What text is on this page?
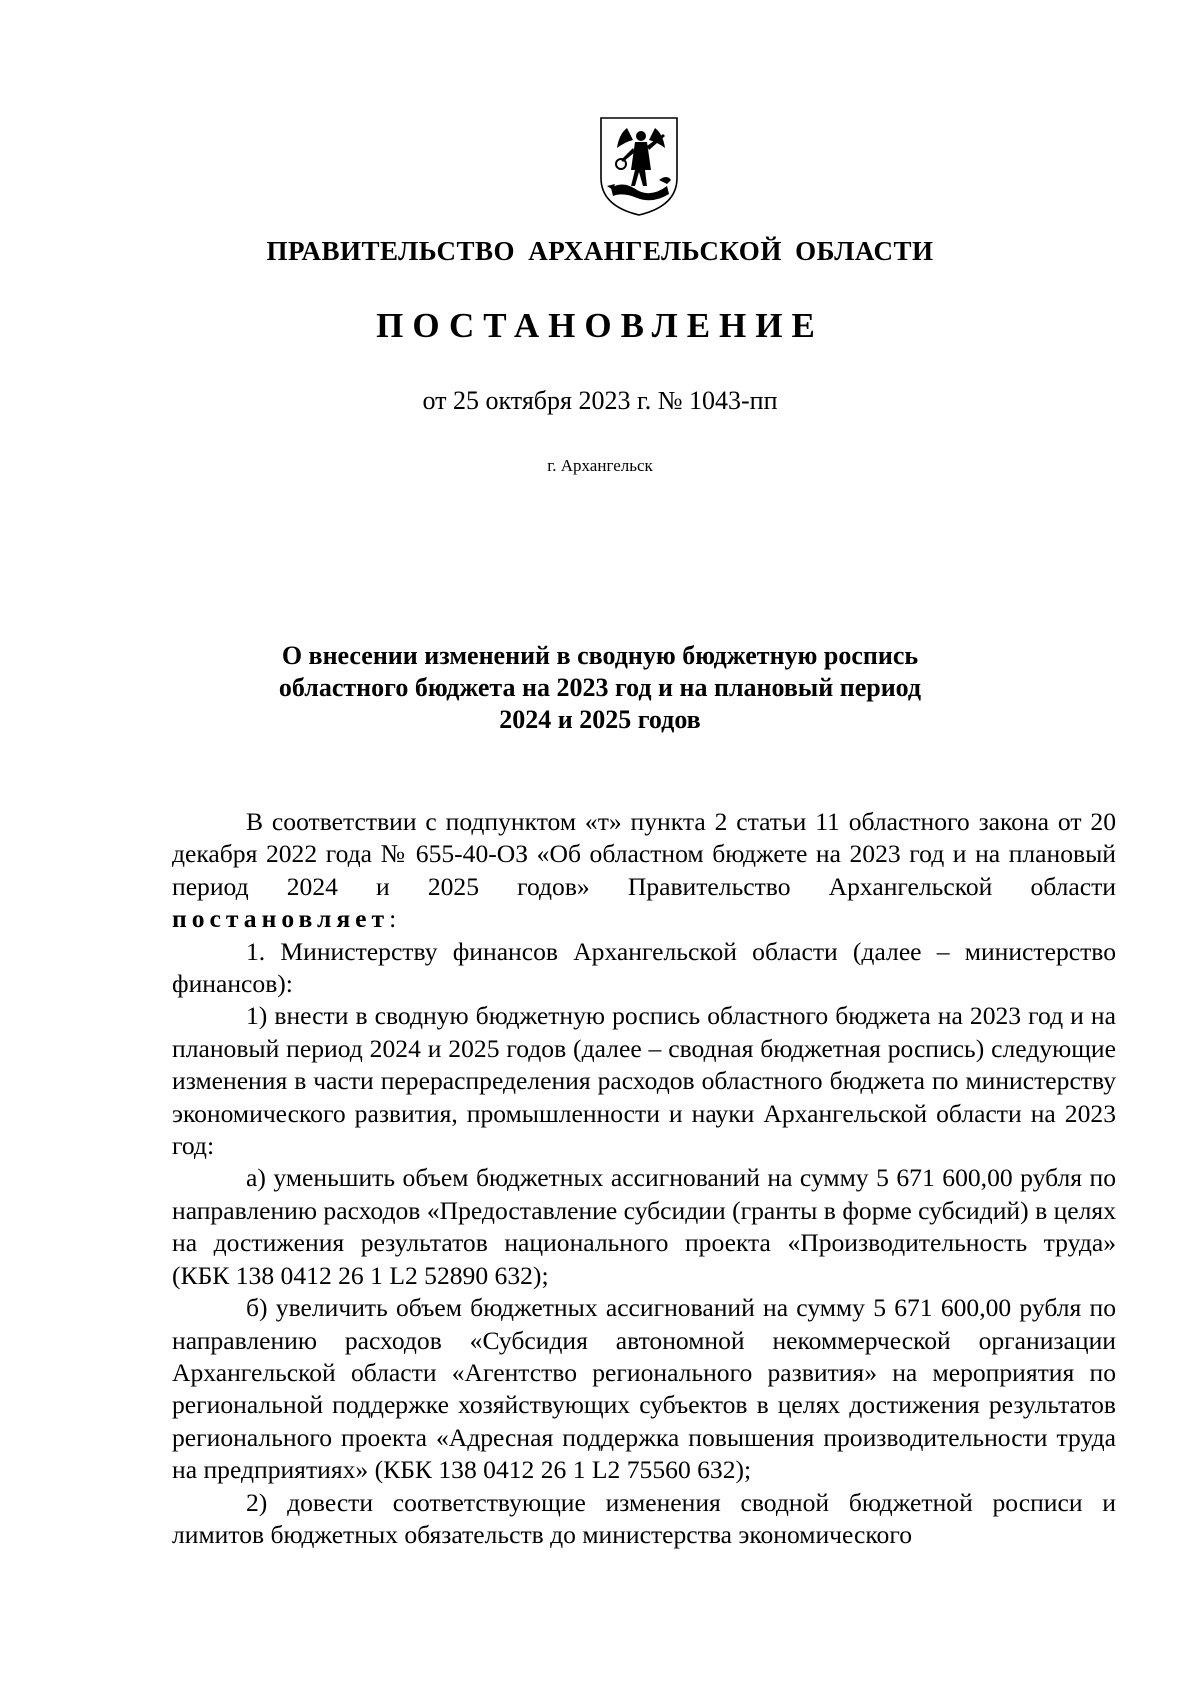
ПРАВИТЕЛЬСТВО АРХАНГЕЛЬСКОЙ ОБЛАСТИ
ПОСТАНОВЛЕНИЕ
от 25 октября 2023 г. № 1043-пп
г. Архангельск
О внесении изменений в сводную бюджетную роспись
областного бюджета на 2023 год и на плановый период
2024 и 2025 годов

В соответствии с подпунктом «т» пункта 2 статьи 11 областного закона от 20 декабря 2022 года № 655-40-ОЗ «Об областном бюджете на 2023 год и на плановый период 2024 и 2025 годов» Правительство Архангельской области постановляет:

1. Министерству финансов Архангельской области (далее – министерство финансов):

1) внести в сводную бюджетную роспись областного бюджета на 2023 год и на плановый период 2024 и 2025 годов (далее – сводная бюджетная роспись) следующие изменения в части перераспределения расходов областного бюджета по министерству экономического развития, промышленности и науки Архангельской области на 2023 год:

а) уменьшить объем бюджетных ассигнований на сумму 5 671 600,00 рубля по направлению расходов «Предоставление субсидии (гранты в форме субсидий) в целях на достижения результатов национального проекта «Производительность труда» (КБК 138 0412 26 1 L2 52890 632);

б) увеличить объем бюджетных ассигнований на сумму 5 671 600,00 рубля по направлению расходов «Субсидия автономной некоммерческой организации Архангельской области «Агентство регионального развития» на мероприятия по региональной поддержке хозяйствующих субъектов в целях достижения результатов регионального проекта «Адресная поддержка повышения производительности труда на предприятиях» (КБК 138 0412 26 1 L2 75560 632);

2) довести соответствующие изменения сводной бюджетной росписи и лимитов бюджетных обязательств до министерства экономического
